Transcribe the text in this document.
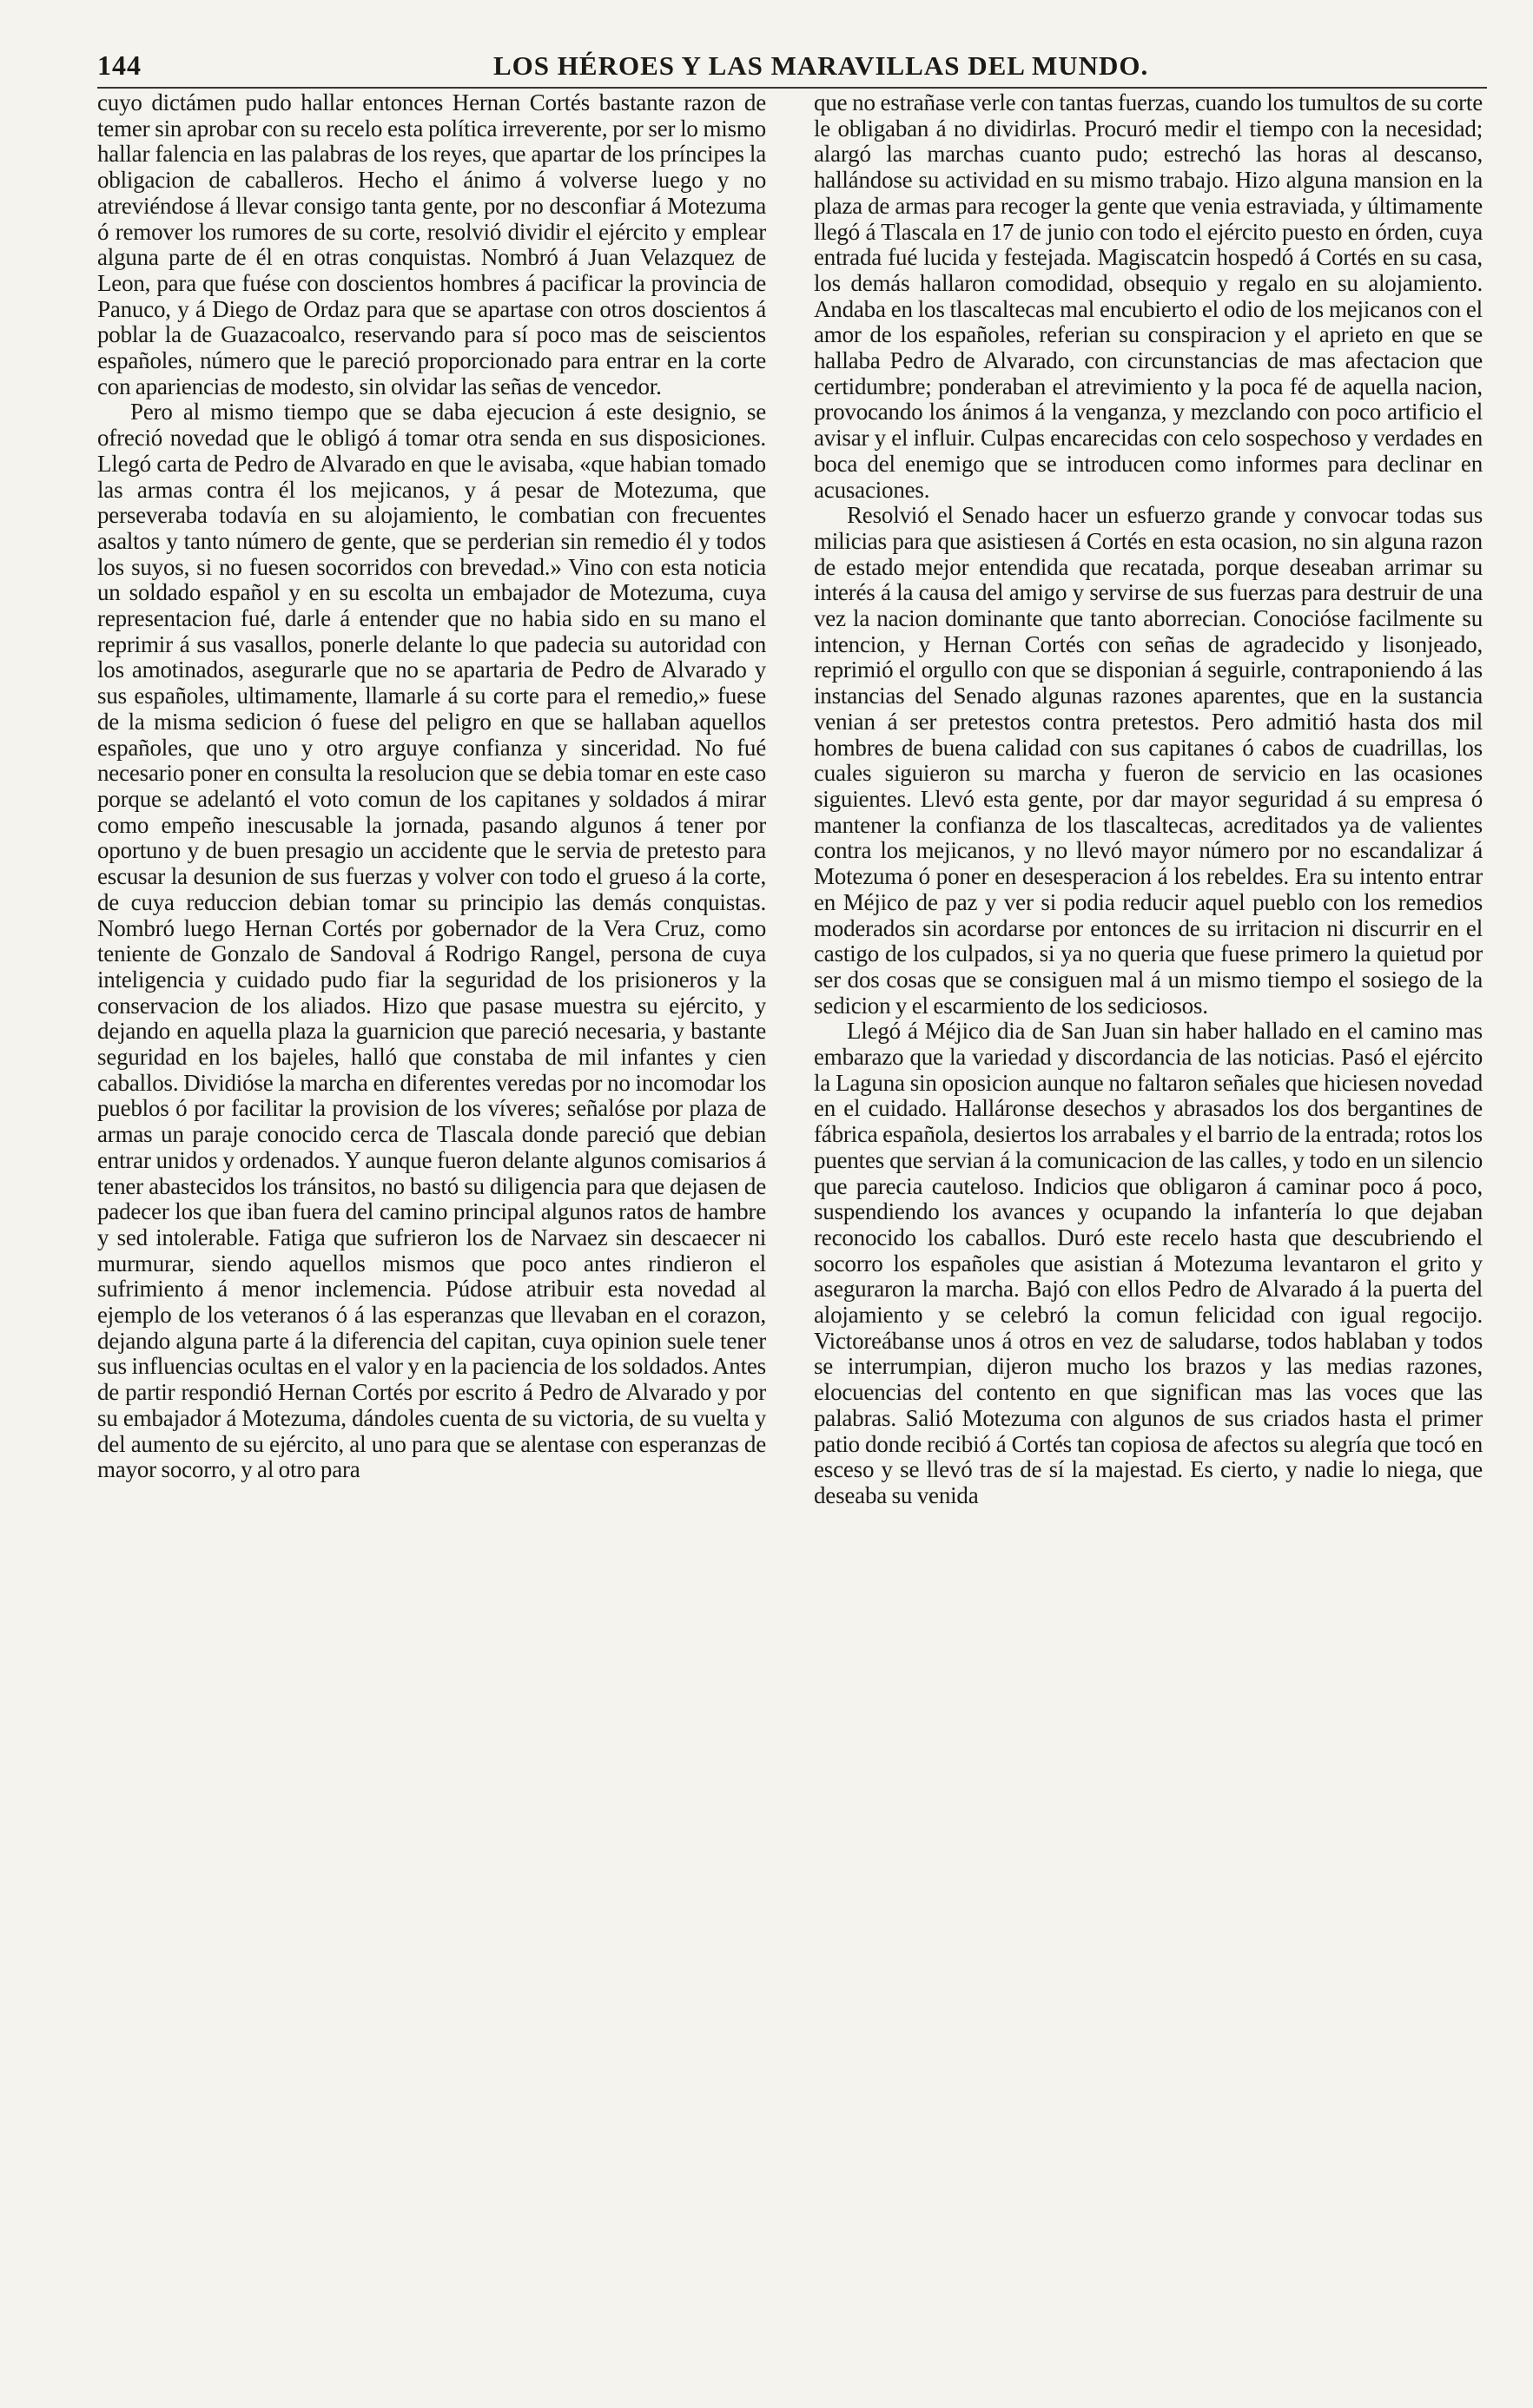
144	LOS HÉROES Y LAS MARAVILLAS DEL MUNDO.

cuyo dictámen pudo hallar entonces Hernan Cortés bastante razon de temer sin aprobar con su recelo esta política irreverente, por ser lo mismo hallar falencia en las palabras de los reyes, que apartar de los príncipes la obligacion de caballeros. Hecho el ánimo á volverse luego y no atreviéndose á llevar consigo tanta gente, por no desconfiar á Motezuma ó remover los rumores de su corte, resolvió dividir el ejército y emplear alguna parte de él en otras conquistas. Nombró á Juan Velazquez de Leon, para que fuése con doscientos hombres á pacificar la provincia de Panuco, y á Diego de Ordaz para que se apartase con otros doscientos á poblar la de Guazacoalco, reservando para sí poco mas de seiscientos españoles, número que le pareció proporcionado para entrar en la corte con apariencias de modesto, sin olvidar las señas de vencedor.

Pero al mismo tiempo que se daba ejecucion á este designio, se ofreció novedad que le obligó á tomar otra senda en sus disposiciones. Llegó carta de Pedro de Alvarado en que le avisaba, «que habian tomado las armas contra él los mejicanos, y á pesar de Motezuma, que perseveraba todavía en su alojamiento, le combatian con frecuentes asaltos y tanto número de gente, que se perderian sin remedio él y todos los suyos, si no fuesen socorridos con brevedad.» Vino con esta noticia un soldado español y en su escolta un embajador de Motezuma, cuya representacion fué, darle á entender que no habia sido en su mano el reprimir á sus vasallos, ponerle delante lo que padecia su autoridad con los amotinados, asegurarle que no se apartaria de Pedro de Alvarado y sus españoles, ultimamente, llamarle á su corte para el remedio,» fuese de la misma sedicion ó fuese del peligro en que se hallaban aquellos españoles, que uno y otro arguye confianza y sinceridad. No fué necesario poner en consulta la resolucion que se debia tomar en este caso porque se adelantó el voto comun de los capitanes y soldados á mirar como empeño inescusable la jornada, pasando algunos á tener por oportuno y de buen presagio un accidente que le servia de pretesto para escusar la desunion de sus fuerzas y volver con todo el grueso á la corte, de cuya reduccion debian tomar su principio las demás conquistas. Nombró luego Hernan Cortés por gobernador de la Vera Cruz, como teniente de Gonzalo de Sandoval á Rodrigo Rangel, persona de cuya inteligencia y cuidado pudo fiar la seguridad de los prisioneros y la conservacion de los aliados. Hizo que pasase muestra su ejército, y dejando en aquella plaza la guarnicion que pareció necesaria, y bastante seguridad en los bajeles, halló que constaba de mil infantes y cien caballos. Dividióse la marcha en diferentes veredas por no incomodar los pueblos ó por facilitar la provision de los víveres; señalóse por plaza de armas un paraje conocido cerca de Tlascala donde pareció que debian entrar unidos y ordenados. Y aunque fueron delante algunos comisarios á tener abastecidos los tránsitos, no bastó su diligencia para que dejasen de padecer los que iban fuera del camino principal algunos ratos de hambre y sed intolerable. Fatiga que sufrieron los de Narvaez sin descaecer ni murmurar, siendo aquellos mismos que poco antes rindieron el sufrimiento á menor inclemencia. Púdose atribuir esta novedad al ejemplo de los veteranos ó á las esperanzas que llevaban en el corazon, dejando alguna parte á la diferencia del capitan, cuya opinion suele tener sus influencias ocultas en el valor y en la paciencia de los soldados. Antes de partir respondió Hernan Cortés por escrito á Pedro de Alvarado y por su embajador á Motezuma, dándoles cuenta de su victoria, de su vuelta y del aumento de su ejército, al uno para que se alentase con esperanzas de mayor socorro, y al otro para

que no estrañase verle con tantas fuerzas, cuando los tumultos de su corte le obligaban á no dividirlas. Procuró medir el tiempo con la necesidad; alargó las marchas cuanto pudo; estrechó las horas al descanso, hallándose su actividad en su mismo trabajo. Hizo alguna mansion en la plaza de armas para recoger la gente que venia estraviada, y últimamente llegó á Tlascala en 17 de junio con todo el ejército puesto en órden, cuya entrada fué lucida y festejada. Magiscatcin hospedó á Cortés en su casa, los demás hallaron comodidad, obsequio y regalo en su alojamiento. Andaba en los tlascaltecas mal encubierto el odio de los mejicanos con el amor de los españoles, referian su conspiracion y el aprieto en que se hallaba Pedro de Alvarado, con circunstancias de mas afectacion que certidumbre; ponderaban el atrevimiento y la poca fé de aquella nacion, provocando los ánimos á la venganza, y mezclando con poco artificio el avisar y el influir. Culpas encarecidas con celo sospechoso y verdades en boca del enemigo que se introducen como informes para declinar en acusaciones.

Resolvió el Senado hacer un esfuerzo grande y convocar todas sus milicias para que asistiesen á Cortés en esta ocasion, no sin alguna razon de estado mejor entendida que recatada, porque deseaban arrimar su interés á la causa del amigo y servirse de sus fuerzas para destruir de una vez la nacion dominante que tanto aborrecian. Conocióse facilmente su intencion, y Hernan Cortés con señas de agradecido y lisonjeado, reprimió el orgullo con que se disponian á seguirle, contraponiendo á las instancias del Senado algunas razones aparentes, que en la sustancia venian á ser pretestos contra pretestos. Pero admitió hasta dos mil hombres de buena calidad con sus capitanes ó cabos de cuadrillas, los cuales siguieron su marcha y fueron de servicio en las ocasiones siguientes. Llevó esta gente, por dar mayor seguridad á su empresa ó mantener la confianza de los tlascaltecas, acreditados ya de valientes contra los mejicanos, y no llevó mayor número por no escandalizar á Motezuma ó poner en desesperacion á los rebeldes. Era su intento entrar en Méjico de paz y ver si podia reducir aquel pueblo con los remedios moderados sin acordarse por entonces de su irritacion ni discurrir en el castigo de los culpados, si ya no queria que fuese primero la quietud por ser dos cosas que se consiguen mal á un mismo tiempo el sosiego de la sedicion y el escarmiento de los sediciosos.

Llegó á Méjico dia de San Juan sin haber hallado en el camino mas embarazo que la variedad y discordancia de las noticias. Pasó el ejército la Laguna sin oposicion aunque no faltaron señales que hiciesen novedad en el cuidado. Halláronse desechos y abrasados los dos bergantines de fábrica española, desiertos los arrabales y el barrio de la entrada; rotos los puentes que servian á la comunicacion de las calles, y todo en un silencio que parecia cauteloso. Indicios que obligaron á caminar poco á poco, suspendiendo los avances y ocupando la infantería lo que dejaban reconocido los caballos. Duró este recelo hasta que descubriendo el socorro los españoles que asistian á Motezuma levantaron el grito y aseguraron la marcha. Bajó con ellos Pedro de Alvarado á la puerta del alojamiento y se celebró la comun felicidad con igual regocijo. Victoreábanse unos á otros en vez de saludarse, todos hablaban y todos se interrumpian, dijeron mucho los brazos y las medias razones, elocuencias del contento en que significan mas las voces que las palabras. Salió Motezuma con algunos de sus criados hasta el primer patio donde recibió á Cortés tan copiosa de afectos su alegría que tocó en esceso y se llevó tras de sí la majestad. Es cierto, y nadie lo niega, que deseaba su venida
